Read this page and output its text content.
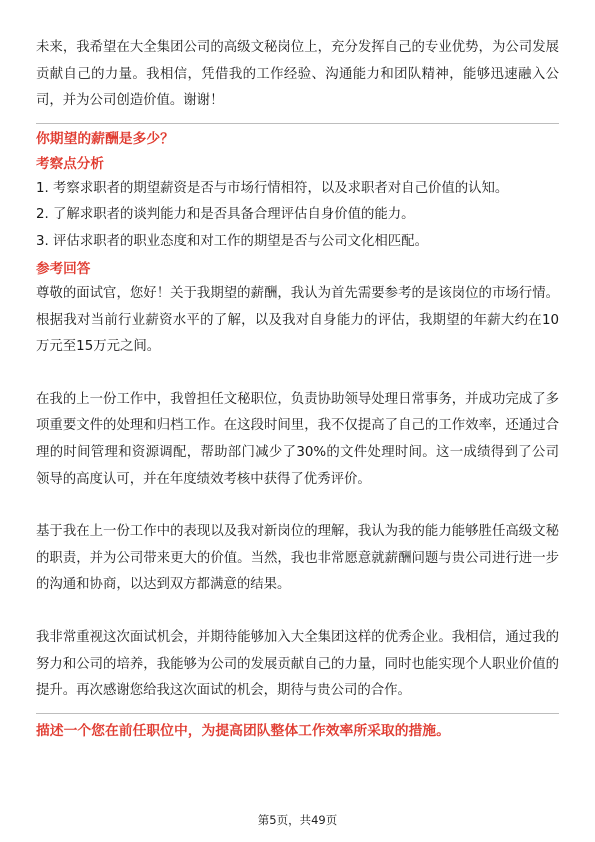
未来，我希望在大全集团公司的高级文秘岗位上，充分发挥自己的专业优势，为公司发展贡献自己的力量。我相信，凭借我的工作经验、沟通能力和团队精神，能够迅速融入公司，并为公司创造价值。谢谢！

你期望的薪酬是多少？

考察点分析

1. 考察求职者的期望薪资是否与市场行情相符，以及求职者对自己价值的认知。

2. 了解求职者的谈判能力和是否具备合理评估自身价值的能力。

3. 评估求职者的职业态度和对工作的期望是否与公司文化相匹配。

参考回答

尊敬的面试官，您好！关于我期望的薪酬，我认为首先需要参考的是该岗位的市场行情。根据我对当前行业薪资水平的了解，以及我对自身能力的评估，我期望的年薪大约在10万元至15万元之间。

在我的上一份工作中，我曾担任文秘职位，负责协助领导处理日常事务，并成功完成了多项重要文件的处理和归档工作。在这段时间里，我不仅提高了自己的工作效率，还通过合理的时间管理和资源调配，帮助部门减少了30%的文件处理时间。这一成绩得到了公司领导的高度认可，并在年度绩效考核中获得了优秀评价。

基于我在上一份工作中的表现以及我对新岗位的理解，我认为我的能力能够胜任高级文秘的职责，并为公司带来更大的价值。当然，我也非常愿意就薪酬问题与贵公司进行进一步的沟通和协商，以达到双方都满意的结果。

我非常重视这次面试机会，并期待能够加入大全集团这样的优秀企业。我相信，通过我的努力和公司的培养，我能够为公司的发展贡献自己的力量，同时也能实现个人职业价值的提升。再次感谢您给我这次面试的机会，期待与贵公司的合作。

描述一个您在前任职位中，为提高团队整体工作效率所采取的措施。

第5页，共49页
